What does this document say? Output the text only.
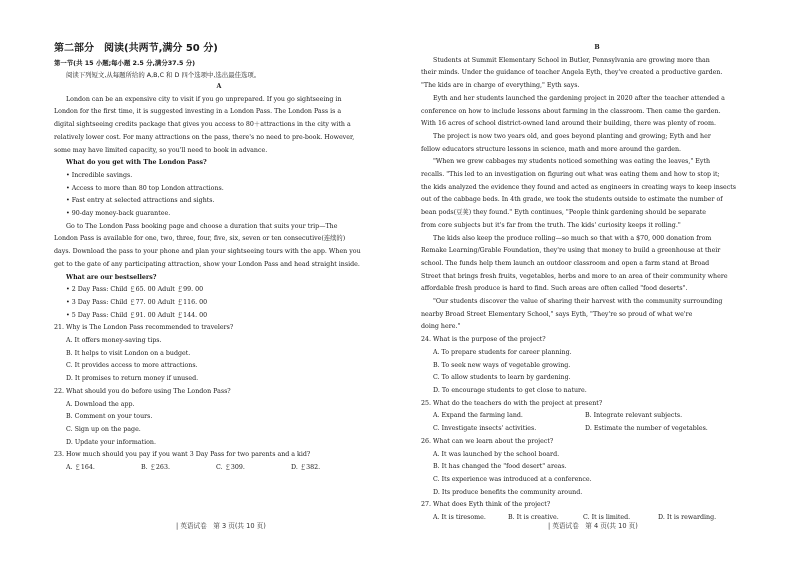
第二部分　阅读(共两节,满分 50 分)
第一节(共 15 小题;每小题 2.5 分,满分37.5 分)
阅读下列短文,从每题所给的 A,B,C 和 D 四个选项中,选出最佳选项。
A
London can be an expensive city to visit if you go unprepared. If you go sightseeing in
London for the first time, it is suggested investing in a London Pass. The London Pass is a
digital sightseeing credits package that gives you access to 80＋attractions in the city with a
relatively lower cost. For many attractions on the pass, there's no need to pre-book. However,
some may have limited capacity, so you'll need to book in advance.
What do you get with The London Pass?
• Incredible savings.
• Access to more than 80 top London attractions.
• Fast entry at selected attractions and sights.
• 90-day money-back guarantee.
Go to The London Pass booking page and choose a duration that suits your trip—The
London Pass is available for one, two, three, four, five, six, seven or ten consecutive(连续的)
days. Download the pass to your phone and plan your sightseeing tours with the app. When you
get to the gate of any participating attraction, show your London Pass and head straight inside.
What are our bestsellers?
• 2 Day Pass: Child ￡65. 00 Adult ￡99. 00
• 3 Day Pass: Child ￡77. 00 Adult ￡116. 00
• 5 Day Pass: Child ￡91. 00 Adult ￡144. 00
21. Why is The London Pass recommended to travelers?
A. It offers money-saving tips.
B. It helps to visit London on a budget.
C. It provides access to more attractions.
D. It promises to return money if unused.
22. What should you do before using The London Pass?
A. Download the app.
B. Comment on your tours.
C. Sign up on the page.
D. Update your information.
23. How much should you pay if you want 3 Day Pass for two parents and a kid?
A. ￡164.	B. ￡263.	C. ￡309.	D. ￡382.
B
Students at Summit Elementary School in Butler, Pennsylvania are growing more than
their minds. Under the guidance of teacher Angela Eyth, they've created a productive garden.
"The kids are in charge of everything," Eyth says.
Eyth and her students launched the gardening project in 2020 after the teacher attended a
conference on how to include lessons about farming in the classroom. Then came the garden.
With 16 acres of school district-owned land around their building, there was plenty of room.
The project is now two years old, and goes beyond planting and growing; Eyth and her
fellow educators structure lessons in science, math and more around the garden.
"When we grew cabbages my students noticed something was eating the leaves," Eyth
recalls. "This led to an investigation on figuring out what was eating them and how to stop it;
the kids analyzed the evidence they found and acted as engineers in creating ways to keep insects
out of the cabbage beds. In 4th grade, we took the students outside to estimate the number of
bean pods(豆荚) they found." Eyth continues, "People think gardening should be separate
from core subjects but it's far from the truth. The kids' curiosity keeps it rolling."
The kids also keep the produce rolling—so much so that with a $70, 000 donation from
Remake Learning/Grable Foundation, they're using that money to build a greenhouse at their
school. The funds help them launch an outdoor classroom and open a farm stand at Broad
Street that brings fresh fruits, vegetables, herbs and more to an area of their community where
affordable fresh produce is hard to find. Such areas are often called "food deserts".
"Our students discover the value of sharing their harvest with the community surrounding
nearby Broad Street Elementary School," says Eyth, "They're so proud of what we're
doing here."
24. What is the purpose of the project?
A. To prepare students for career planning.
B. To seek new ways of vegetable growing.
C. To allow students to learn by gardening.
D. To encourage students to get close to nature.
25. What do the teachers do with the project at present?
A. Expand the farming land.	B. Integrate relevant subjects.
C. Investigate insects' activities.	D. Estimate the number of vegetables.
26. What can we learn about the project?
A. It was launched by the school board.
B. It has changed the "food desert" areas.
C. Its experience was introduced at a conference.
D. Its produce benefits the community around.
27. What does Eyth think of the project?
A. It is tiresome.	B. It is creative.	C. It is limited.	D. It is rewarding.
| 英语试卷　第 3 页(共 10 页)	| 英语试卷　第 4 页(共 10 页)
